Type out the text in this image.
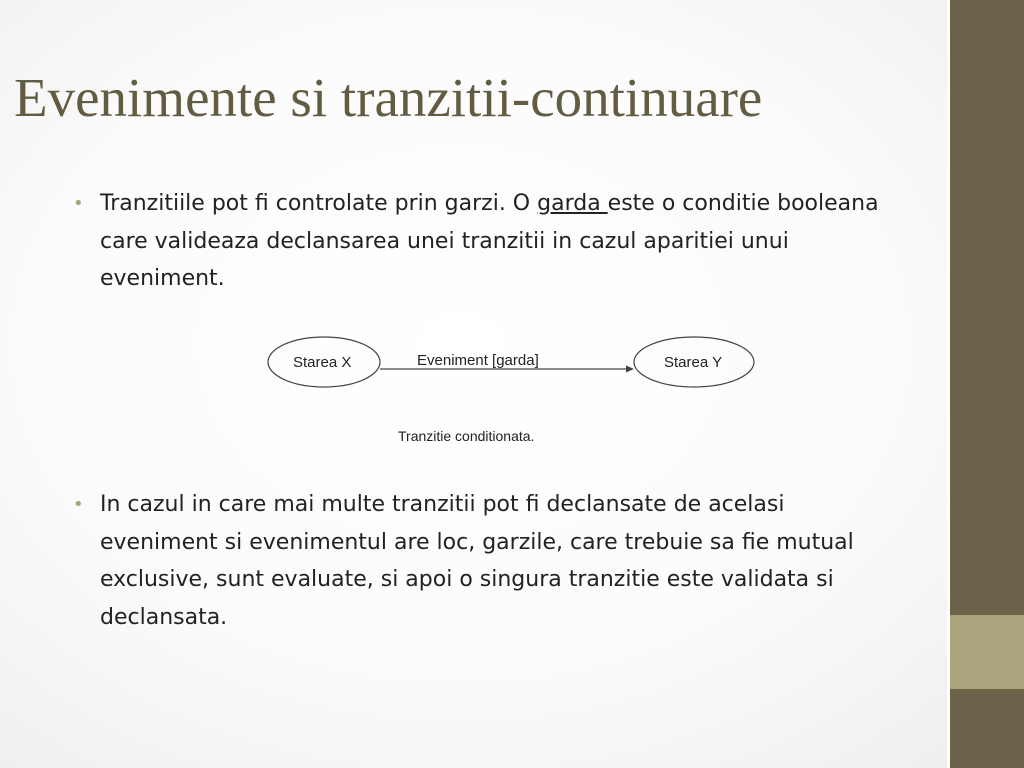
Evenimente si tranzitii-continuare
• Tranzitiile pot fi controlate prin garzi. O garda este o conditie booleana care valideaza declansarea unei tranzitii in cazul aparitiei unui eveniment.
Starea X	Eveniment [garda]	Starea Y
Tranzitie conditionata.
• In cazul in care mai multe tranzitii pot fi declansate de acelasi eveniment si evenimentul are loc, garzile, care trebuie sa fie mutual exclusive, sunt evaluate, si apoi o singura tranzitie este validata si declansata.
